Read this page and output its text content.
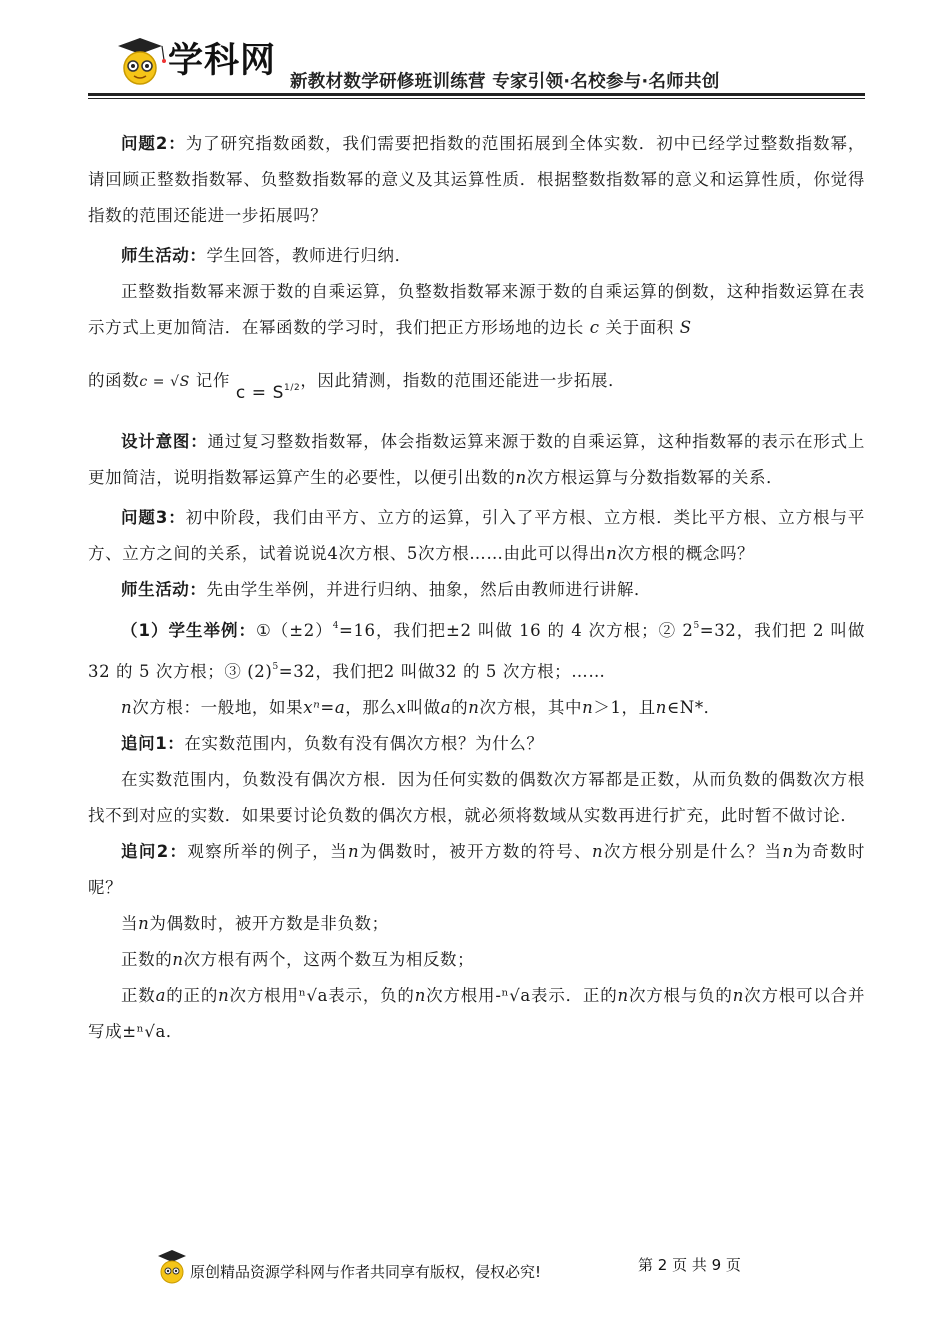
学科网
新教材数学研修班训练营 专家引领·名校参与·名师共创

问题2：为了研究指数函数，我们需要把指数的范围拓展到全体实数．初中已经学过整数指数幂，请回顾正整数指数幂、负整数指数幂的意义及其运算性质．根据整数指数幂的意义和运算性质，你觉得指数的范围还能进一步拓展吗？

师生活动：学生回答，教师进行归纳．

正整数指数幂来源于数的自乘运算，负整数指数幂来源于数的自乘运算的倒数，这种指数运算在表示方式上更加简洁．在幂函数的学习时，我们把正方形场地的边长 c 关于面积 S

的函数c = √S 记作 $c = S^{1/2}$，因此猜测，指数的范围还能进一步拓展．

设计意图：通过复习整数指数幂，体会指数运算来源于数的自乘运算，这种指数幂的表示在形式上更加简洁，说明指数幂运算产生的必要性，以便引出数的n次方根运算与分数指数幂的关系．

问题3：初中阶段，我们由平方、立方的运算，引入了平方根、立方根．类比平方根、立方根与平方、立方之间的关系，试着说说4次方根、5次方根……由此可以得出n次方根的概念吗？

师生活动：先由学生举例，并进行归纳、抽象，然后由教师进行讲解．

（1）学生举例：$①(\pm 2)^4=16$，我们把±2 叫做 16 的 4 次方根；② $2^5=32$，我们把 2 叫做 32 的 5 次方根；③ $(2)^5=32$，我们把2 叫做32 的 5 次方根；……

n次方根：一般地，如果xⁿ=a，那么x叫做a的n次方根，其中n＞1，且n∈N*．

追问1：在实数范围内，负数有没有偶次方根？为什么？

在实数范围内，负数没有偶次方根．因为任何实数的偶数次方幂都是正数，从而负数的偶数次方根找不到对应的实数．如果要讨论负数的偶次方根，就必须将数域从实数再进行扩充，此时暂不做讨论．

追问2：观察所举的例子，当n为偶数时，被开方数的符号、n次方根分别是什么？当n为奇数时呢？

当n为偶数时，被开方数是非负数；

正数的n次方根有两个，这两个数互为相反数；

正数a的正的n次方根用ⁿ√a表示，负的n次方根用-ⁿ√a表示．正的n次方根与负的n次方根可以合并写成±ⁿ√a．

原创精品资源学科网与作者共同享有版权，侵权必究!	第 2 页 共 9 页
